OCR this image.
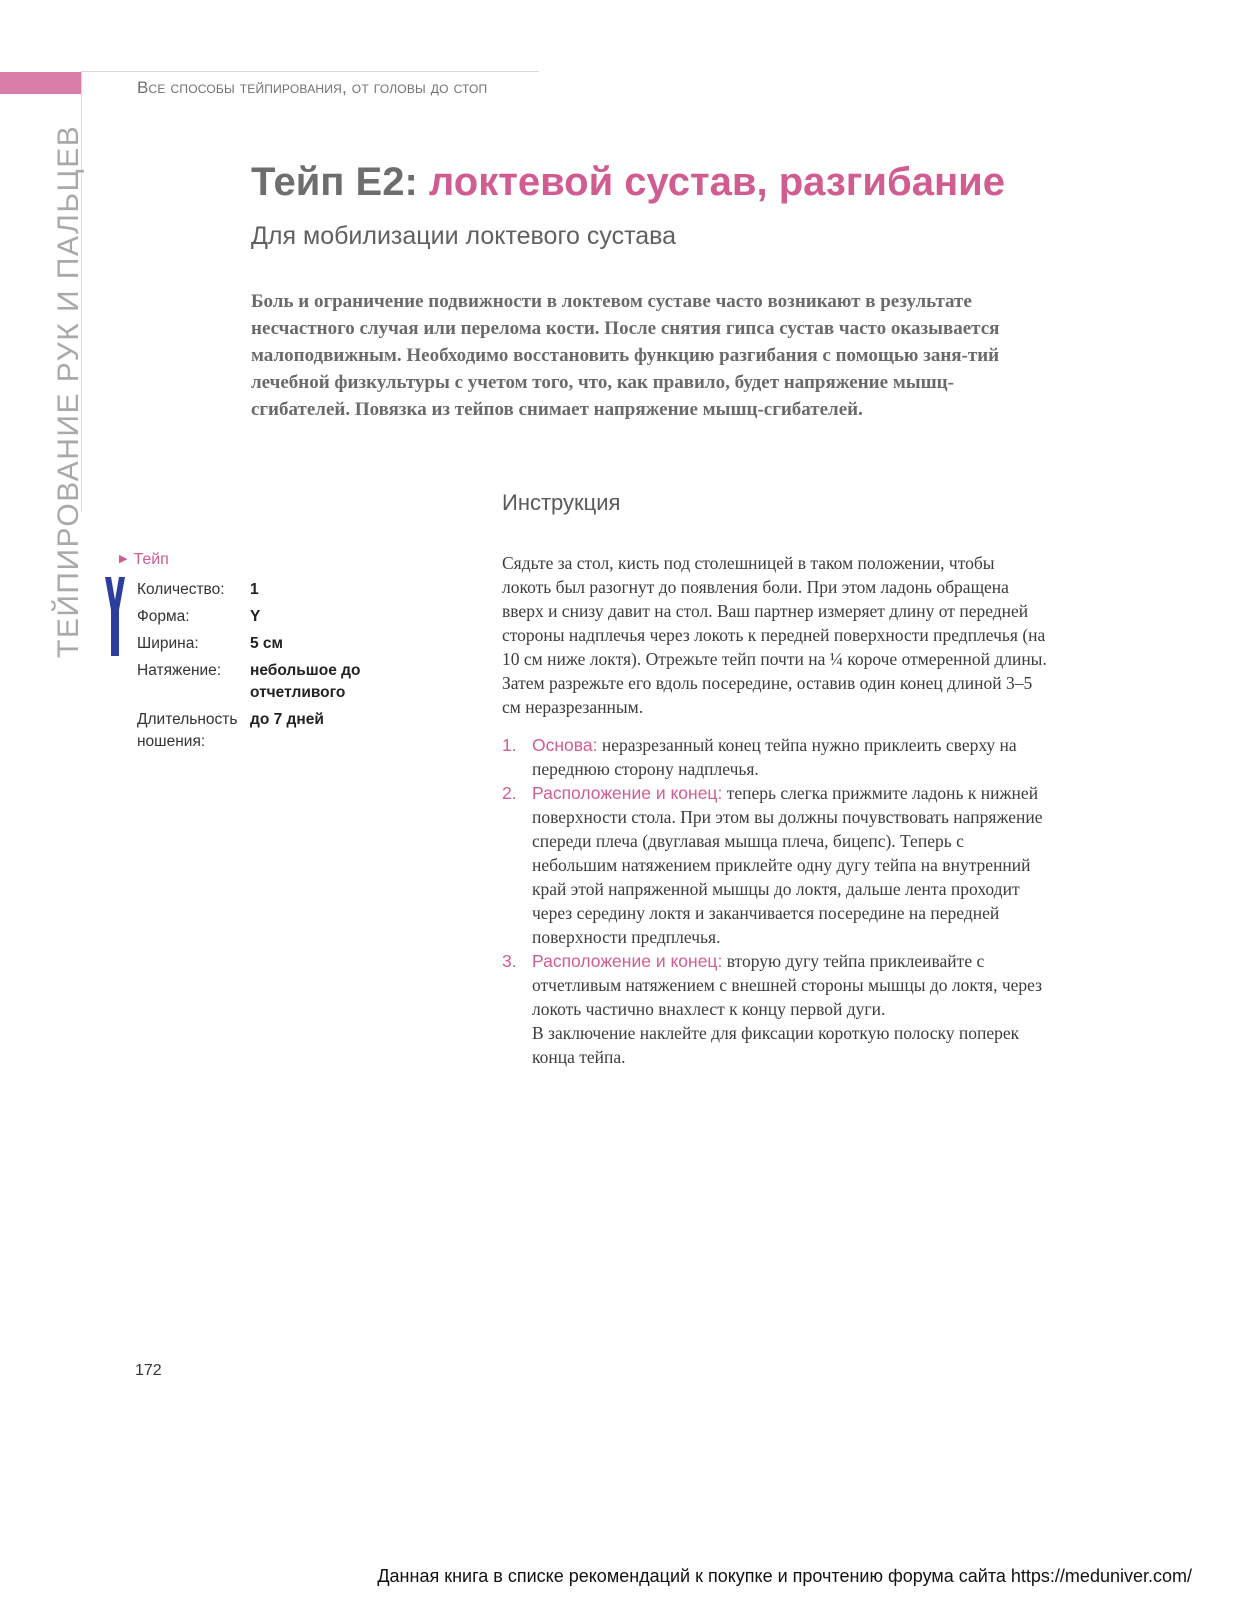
Все способы тейпирования, от головы до стоп
ТЕЙПИРОВАНИЕ РУК И ПАЛЬЦЕВ	Тейп Е2: локтевой сустав, разгибание
Для мобилизации локтевого сустава

Боль и ограничение подвижности в локтевом суставе часто возникают в результате несчастного случая или перелома кости. После снятия гипса сустав часто оказывается малоподвижным. Необходимо восстановить функцию разгибания с помощью заня-тий лечебной физкультуры с учетом того, что, как правило, будет напряжение мышц-сгибателей. Повязка из тейпов снимает напряжение мышц-сгибателей.

▶ Тейп
Количество:	1
Форма:	Y
Ширина:	5 см
Натяжение:	небольшое до отчетливого
Длительность ношения:
до 7 дней
Инструкция

Сядьте за стол, кисть под столешницей в таком положении, чтобы локоть был разогнут до появления боли. При этом ладонь обращена вверх и снизу давит на стол. Ваш партнер измеряет длину от передней стороны надплечья через локоть к передней поверхности предплечья (на 10 см ниже локтя). Отрежьте тейп почти на ¼ короче отмеренной длины. Затем разрежьте его вдоль посередине, оставив один конец длиной 3–5 см неразрезанным.

1. Основа: неразрезанный конец тейпа нужно приклеить сверху на переднюю сторону надплечья.
2. Расположение и конец: теперь слегка прижмите ладонь к нижней поверхности стола. При этом вы должны почувствовать напряжение спереди плеча (двуглавая мышца плеча, бицепс). Теперь с небольшим натяжением приклейте одну дугу тейпа на внутренний край этой напряженной мышцы до локтя, дальше лента проходит через середину локтя и заканчивается посередине на передней поверхности предплечья.
3. Расположение и конец: вторую дугу тейпа приклеивайте с отчетливым натяжением с внешней стороны мышцы до локтя, через локоть частично внахлест к концу первой дуги.

В заключение наклейте для фиксации короткую полоску поперек конца тейпа.

172
Данная книга в списке рекомендаций к покупке и прочтению форума сайта https://meduniver.com/
